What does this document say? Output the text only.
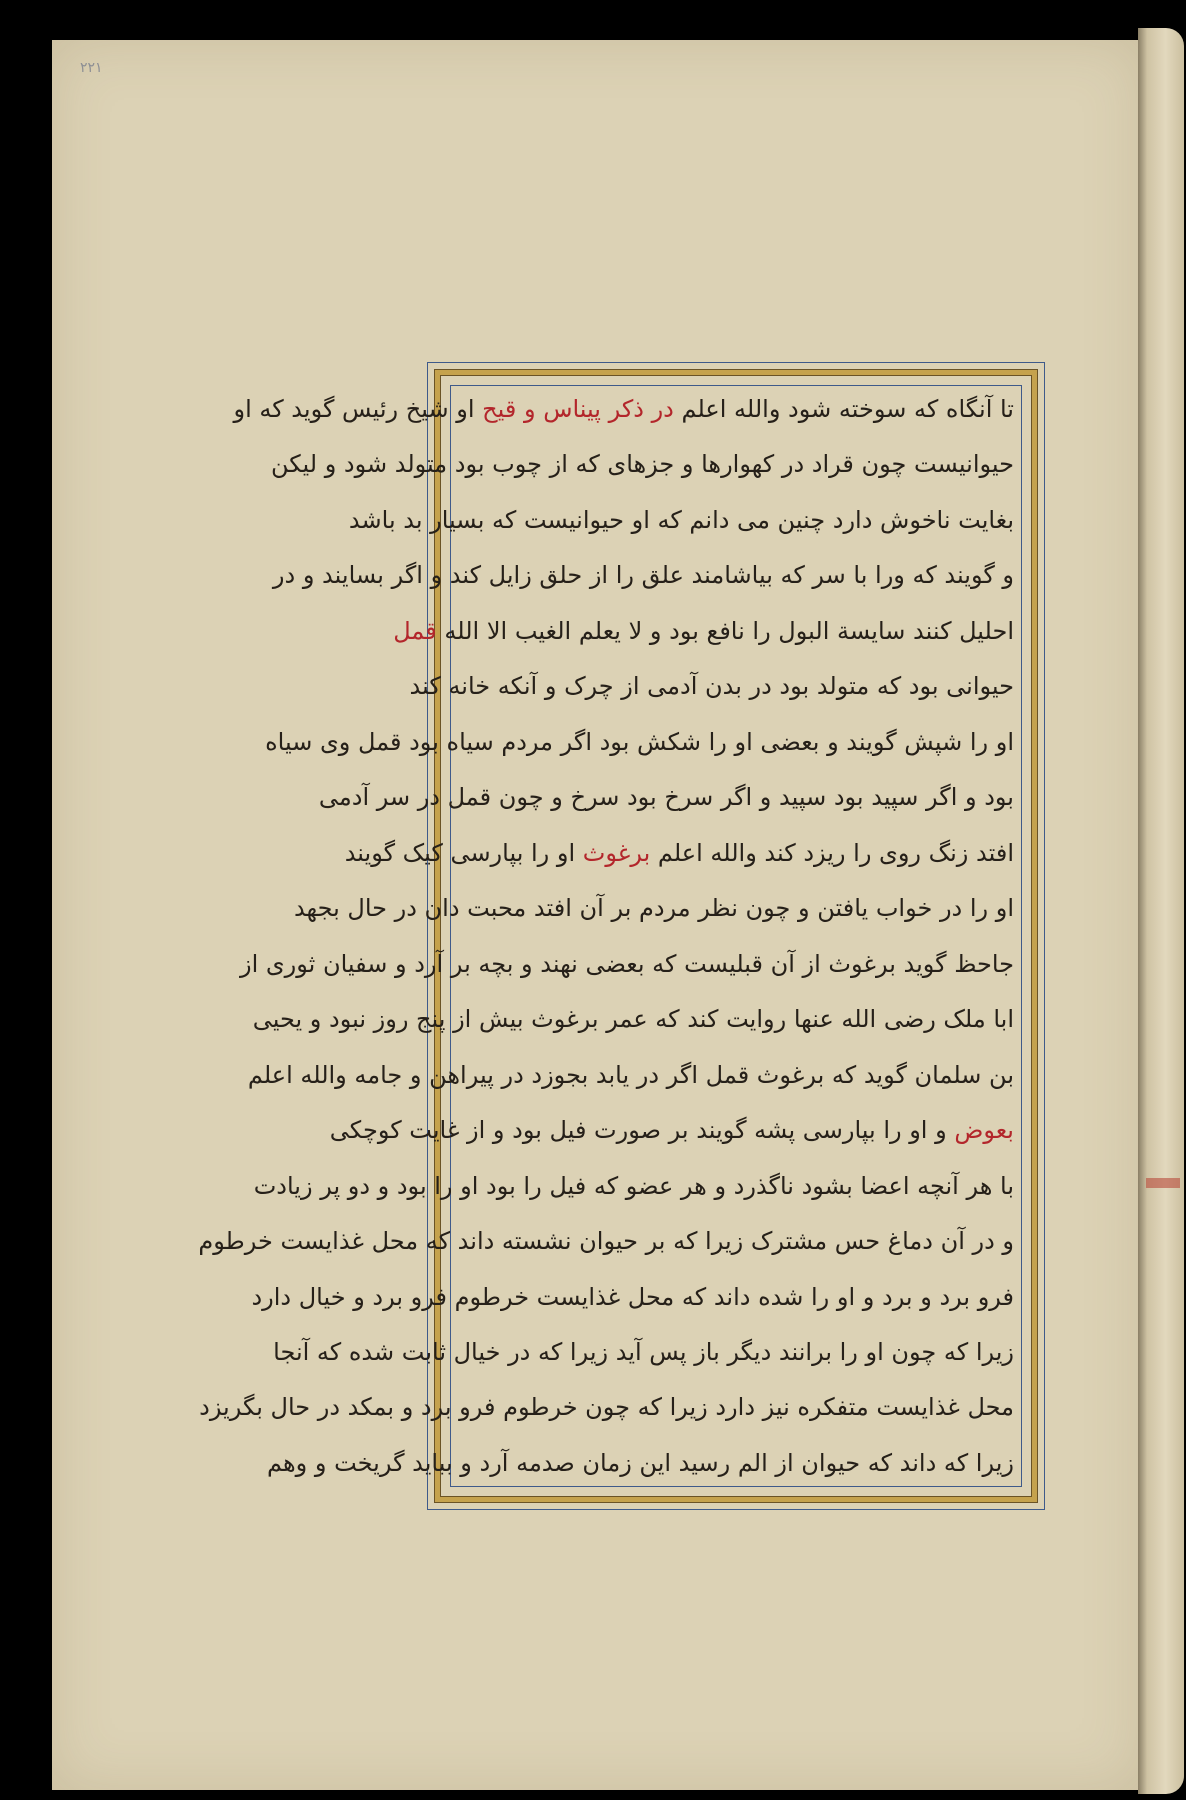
۲۲۱
تا آنگاه که سوخته شود والله اعلم در ذکر پیناس و قیح او شیخ رئیس گوید که او
حیوانیست چون قراد در کهوارها و جزهای که از چوب بود متولد شود و لیکن
بغایت ناخوش دارد چنین می دانم که او حیوانیست که بسیار بد باشد
و گویند که ورا با سر که بیاشامند علق را از حلق زایل کند و اگر بسایند و در
احلیل کنند سایسة البول را نافع بود و لا یعلم الغیب الا الله قمل
حیوانی بود که متولد بود در بدن آدمی از چرک و آنکه خانه کند
او را شپش گویند و بعضی او را شکش بود اگر مردم سیاه بود قمل وی سیاه
بود و اگر سپید بود سپید و اگر سرخ بود سرخ و چون قمل در سر آدمی
افتد زنگ روی را ریزد کند والله اعلم برغوث او را بپارسی کیک گویند
او را در خواب یافتن و چون نظر مردم بر آن افتد محبت دان در حال بجهد
جاحظ گوید برغوث از آن قبلیست که بعضی نهند و بچه بر آرد و سفیان ثوری از
ابا ملک رضی الله عنها روایت کند که عمر برغوث بیش از پنج روز نبود و یحیی
بن سلمان گوید که برغوث قمل اگر در یابد بجوزد در پیراهن و جامه والله اعلم
بعوض و او را بپارسی پشه گویند بر صورت فیل بود و از غایت کوچکی
با هر آنچه اعضا بشود ناگذرد و هر عضو که فیل را بود او را بود و دو پر زیادت
و در آن دماغ حس مشترک زیرا که بر حیوان نشسته داند که محل غذایست خرطوم
فرو برد و برد و او را شده داند که محل غذایست خرطوم فرو برد و خیال دارد
زیرا که چون او را برانند دیگر باز پس آید زیرا که در خیال ثابت شده که آنجا
محل غذایست متفکره نیز دارد زیرا که چون خرطوم فرو برد و بمکد در حال بگریزد
زیرا که داند که حیوان از الم رسید این زمان صدمه آرد و بباید گریخت و وهم
